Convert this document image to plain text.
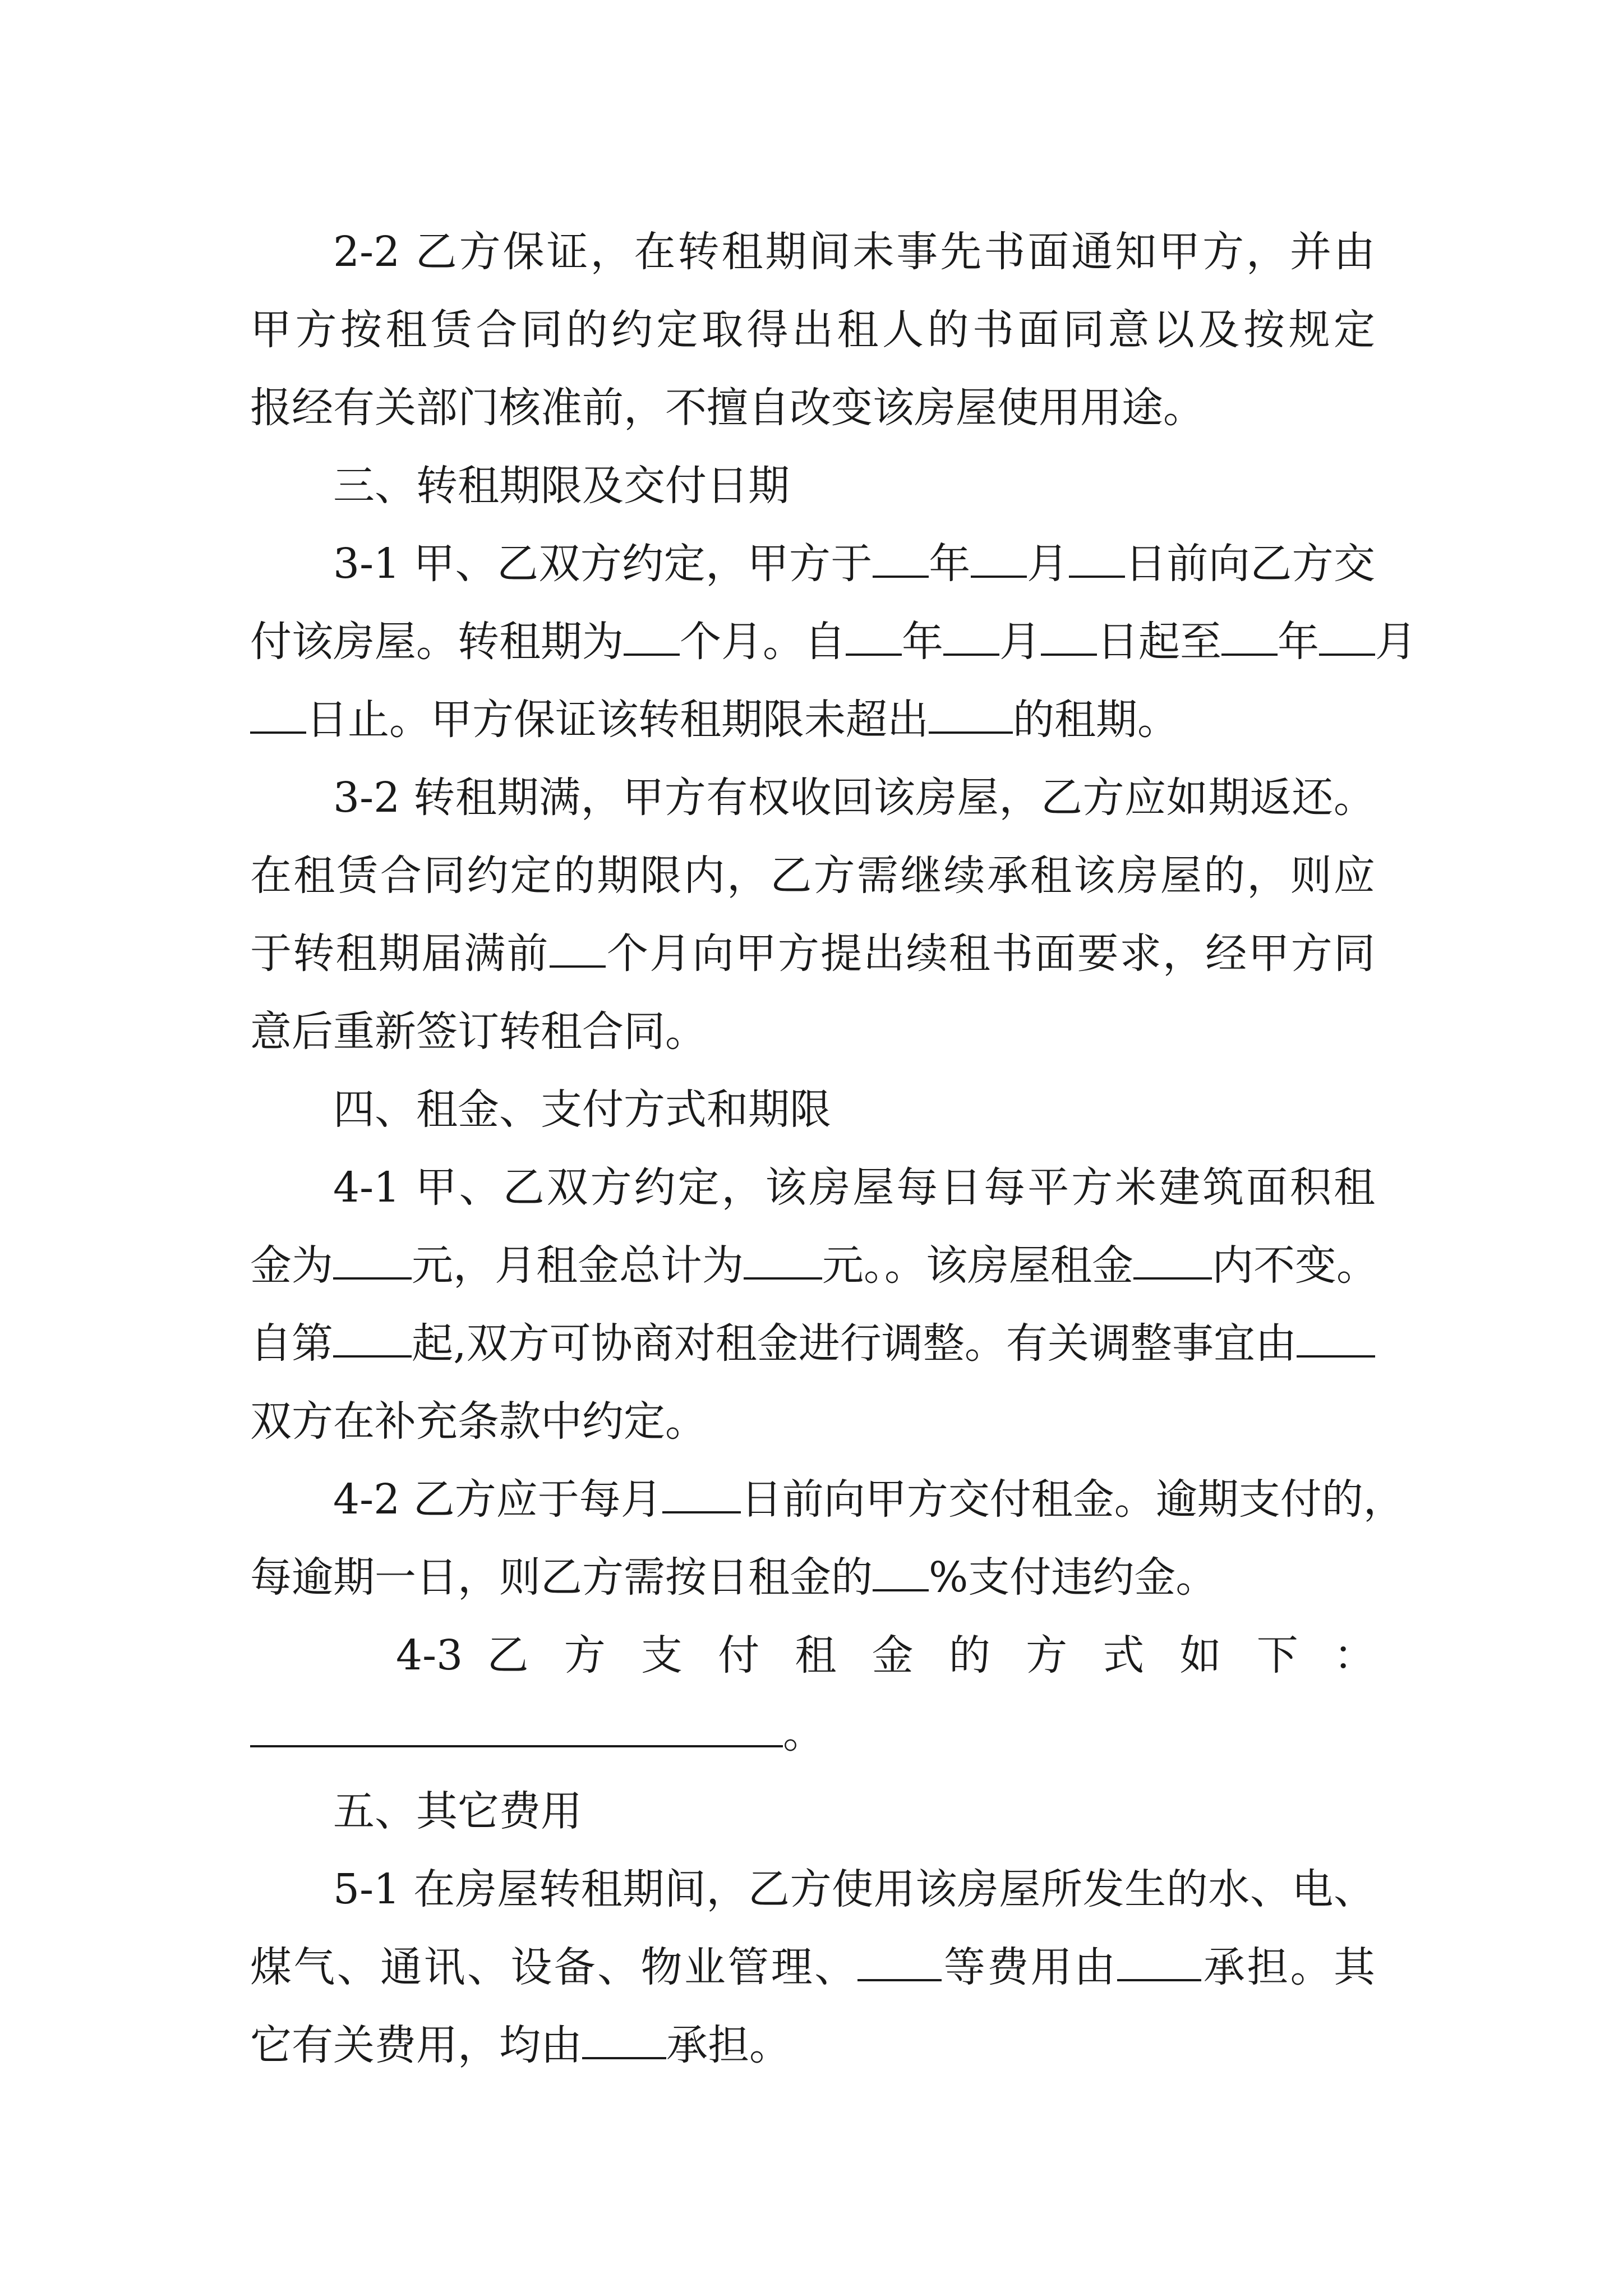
2-2 乙方保证，在转租期间未事先书面通知甲方，并由
甲方按租赁合同的约定取得出租人的书面同意以及按规定
报经有关部门核准前，不擅自改变该房屋使用用途。
三、转租期限及交付日期
3-1 甲、乙双方约定，甲方于 年 月 日前向乙方交
付该房屋。转租期为 个月。自 年 月 日起至 年 月
日止。甲方保证该转租期限未超出 的租期。
3-2 转租期满，甲方有权收回该房屋，乙方应如期返还。
在租赁合同约定的期限内，乙方需继续承租该房屋的，则应
于转租期届满前 个月向甲方提出续租书面要求，经甲方同
意后重新签订转租合同。
四、租金、支付方式和期限
4-1 甲、乙双方约定，该房屋每日每平方米建筑面积租
金为 元，月租金总计为 元。。该房屋租金 内不变。
自第 起,双方可协商对租金进行调整。有关调整事宜由
双方在补充条款中约定。
4-2 乙方应于每月 日前向甲方交付租金。逾期支付的，
每逾期一日，则乙方需按日租金的 %支付违约金。
4-3 乙 方 支 付 租 金 的 方 式 如 下 ：
。
五、其它费用
5-1 在房屋转租期间，乙方使用该房屋所发生的水、电、
煤气、通讯、设备、物业管理、 等费用由 承担。其
它有关费用，均由 承担。
